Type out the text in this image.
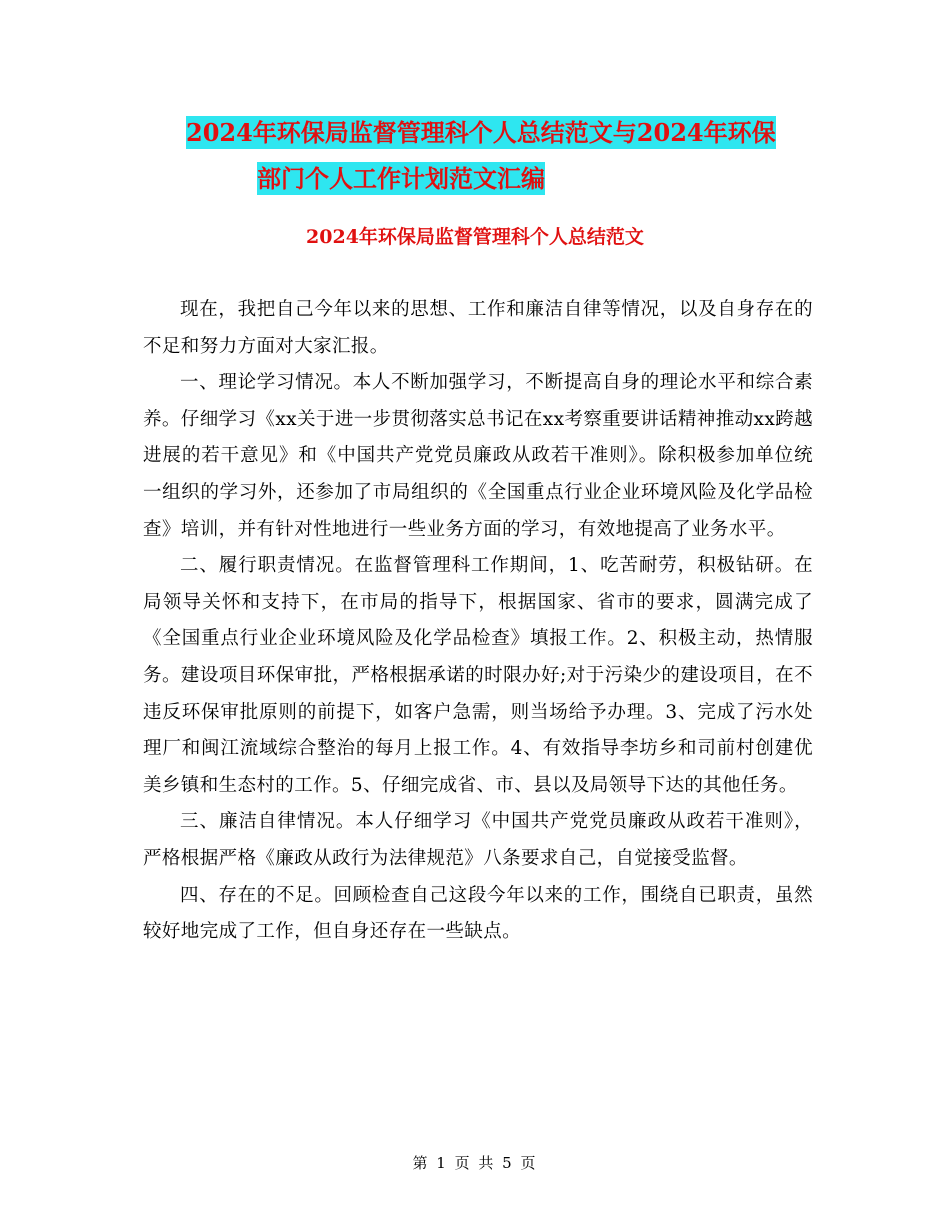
2024年环保局监督管理科个人总结范文与2024年环保
部门个人工作计划范文汇编
2024年环保局监督管理科个人总结范文

现在，我把自己今年以来的思想、工作和廉洁自律等情况，以及自身存在的不足和努力方面对大家汇报。

一、理论学习情况。本人不断加强学习，不断提高自身的理论水平和综合素养。仔细学习《xx关于进一步贯彻落实总书记在xx考察重要讲话精神推动xx跨越进展的若干意见》和《中国共产党党员廉政从政若干准则》。除积极参加单位统一组织的学习外，还参加了市局组织的《全国重点行业企业环境风险及化学品检查》培训，并有针对性地进行一些业务方面的学习，有效地提高了业务水平。

二、履行职责情况。在监督管理科工作期间，1、吃苦耐劳，积极钻研。在局领导关怀和支持下，在市局的指导下，根据国家、省市的要求，圆满完成了《全国重点行业企业环境风险及化学品检查》填报工作。2、积极主动，热情服务。建设项目环保审批，严格根据承诺的时限办好;对于污染少的建设项目，在不违反环保审批原则的前提下，如客户急需，则当场给予办理。3、完成了污水处理厂和闽江流域综合整治的每月上报工作。4、有效指导李坊乡和司前村创建优美乡镇和生态村的工作。5、仔细完成省、市、县以及局领导下达的其他任务。

三、廉洁自律情况。本人仔细学习《中国共产党党员廉政从政若干准则》，严格根据严格《廉政从政行为法律规范》八条要求自己，自觉接受监督。

四、存在的不足。回顾检查自己这段今年以来的工作，围绕自已职责，虽然较好地完成了工作，但自身还存在一些缺点。

第 1 页 共 5 页
